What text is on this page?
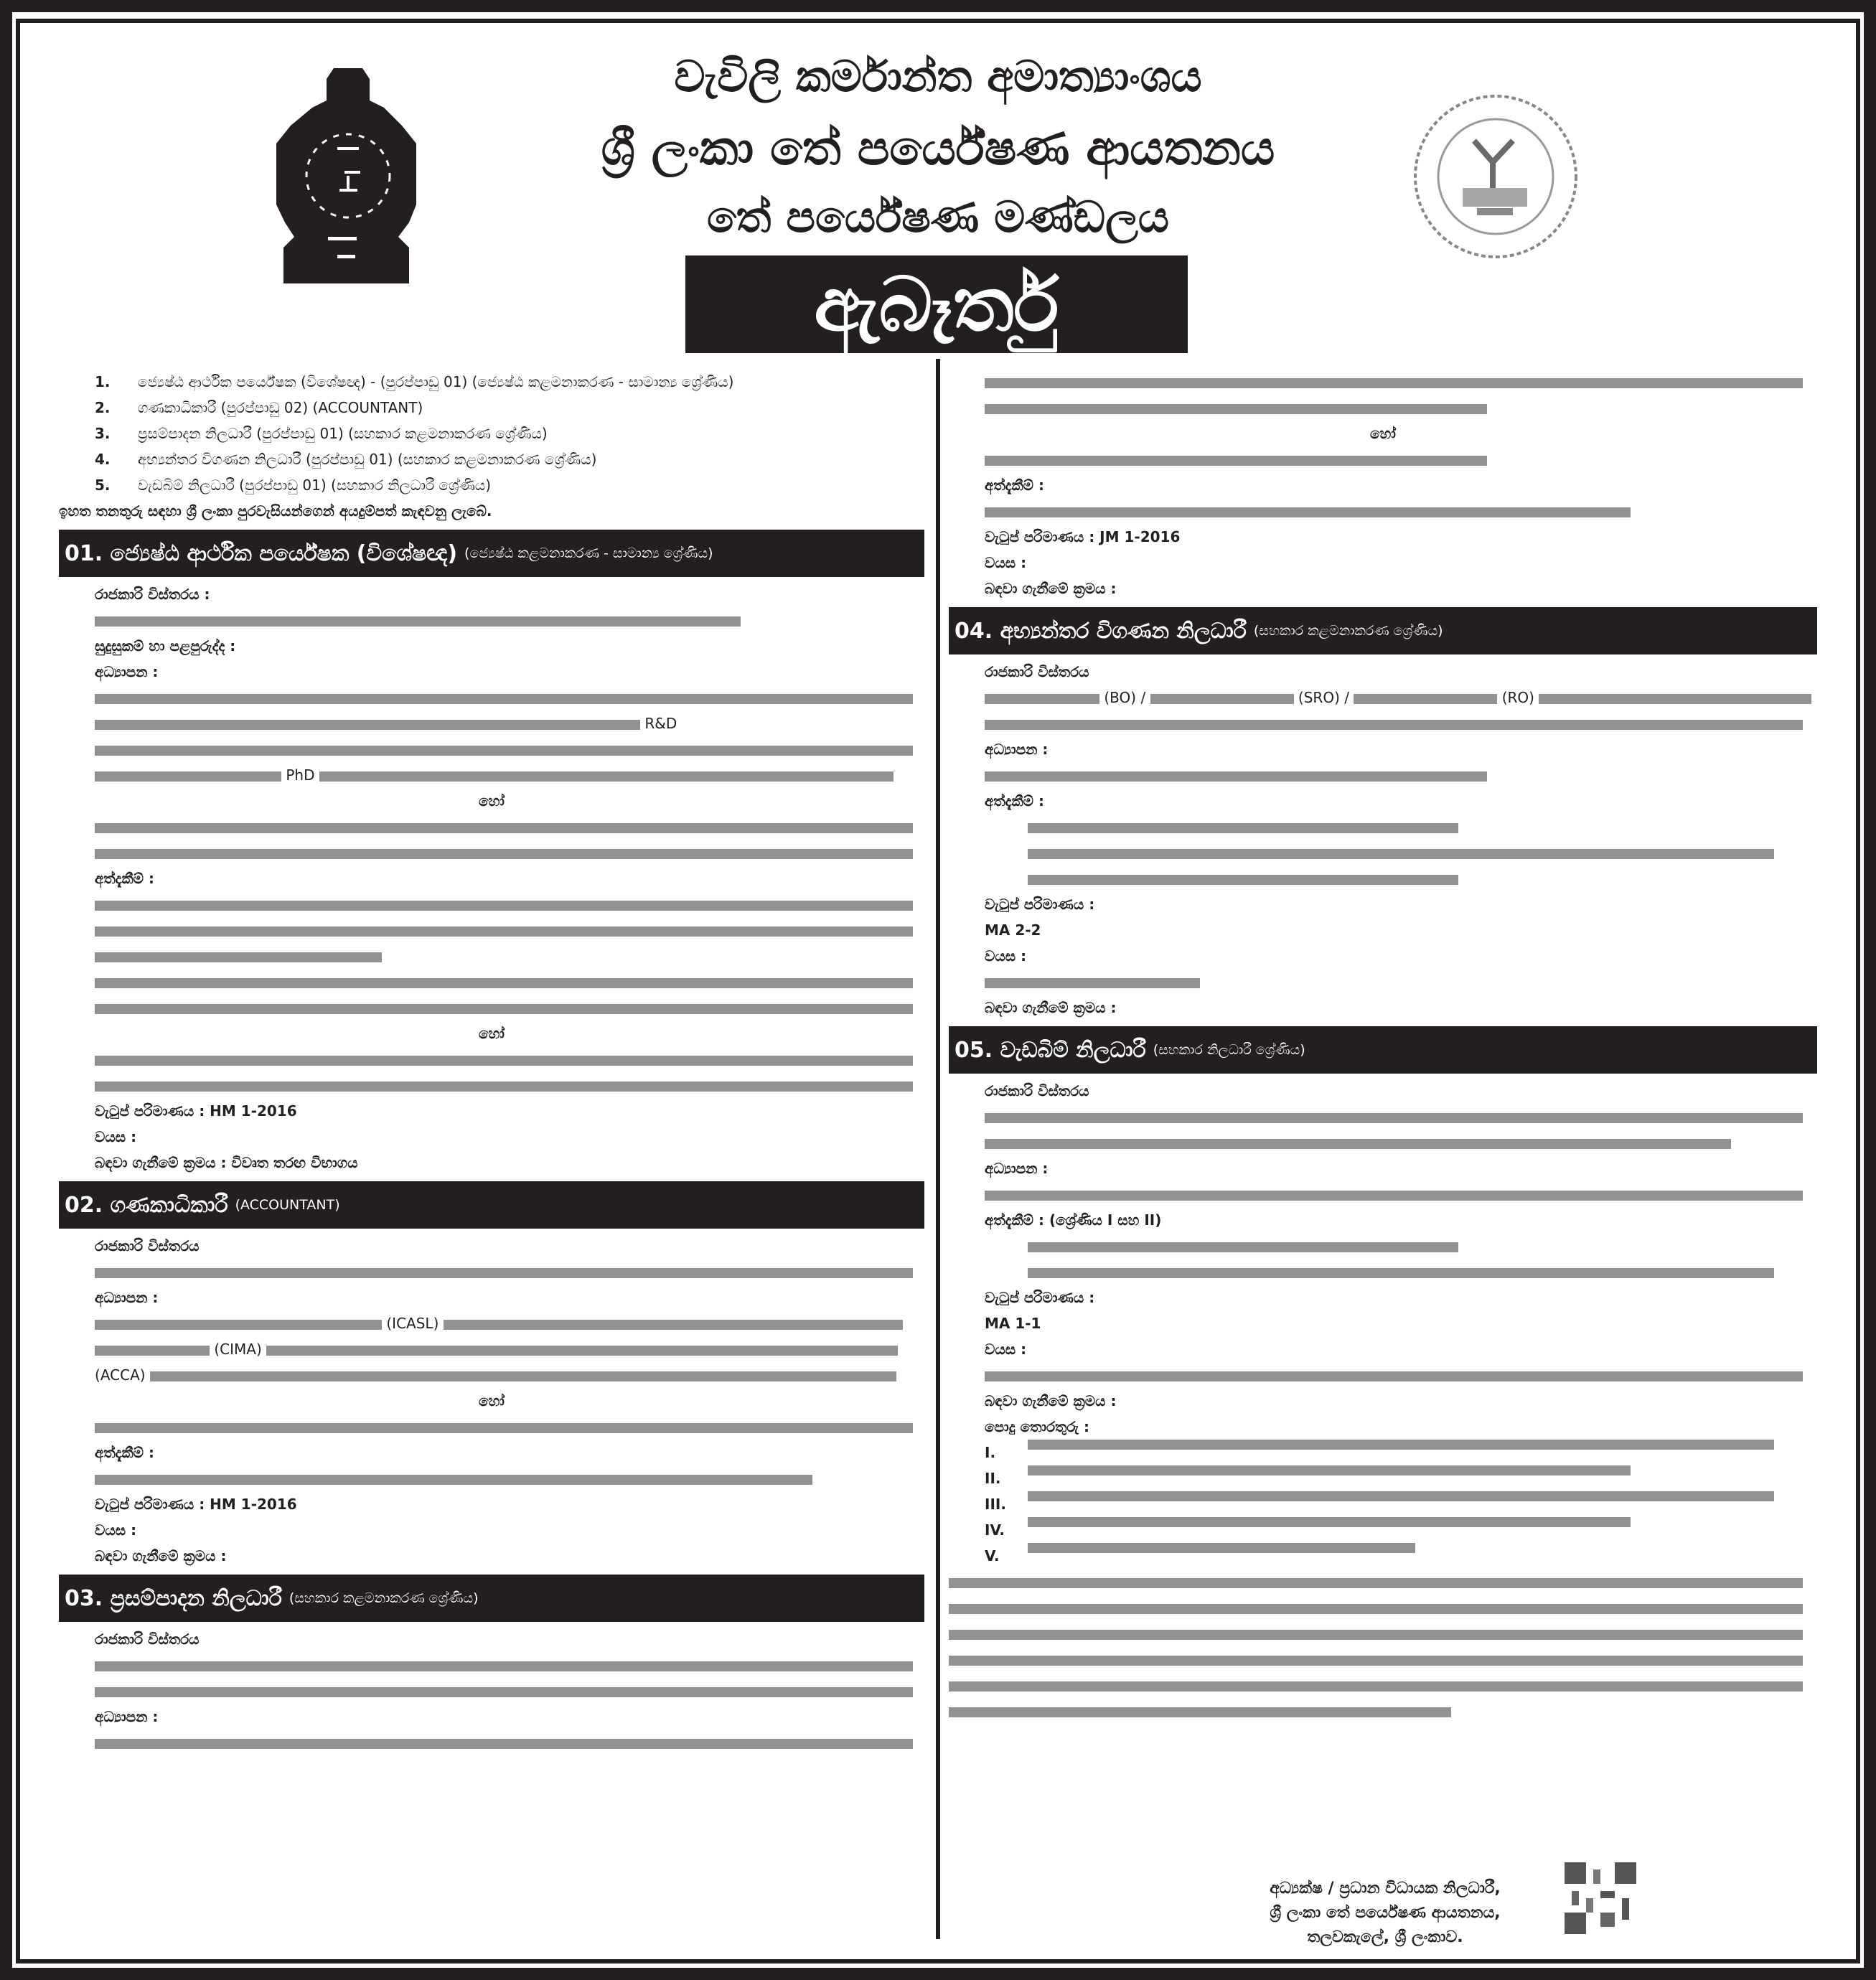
වැවිලි කර්මාන්ත අමාත්‍යාංශය
ශ්‍රී ලංකා තේ පර්යේෂණ ආයතනය
තේ පර්යේෂණ මණ්ඩලය
ඇබෑර්තු
1.	ජ්‍යෙෂ්ඨ ආර්ථික පර්යේෂක (විශේෂඥ) - (පුරප්පාඩු 01) (ජ්‍යෙෂ්ඨ කළමනාකරණ - සාමාන්‍ය ශ්‍රේණිය)
2.	ගණකාධිකාරී (පුරප්පාඩු 02) (ACCOUNTANT)
3.	ප්‍රසම්පාදන නිලධාරී (පුරප්පාඩු 01) (සහකාර කළමනාකරණ ශ්‍රේණිය)
4.	අභ්‍යන්තර විගණන නිලධාරී (පුරප්පාඩු 01) (සහකාර කළමනාකරණ ශ්‍රේණිය)
5.	වැඩබිම් නිලධාරී (පුරප්පාඩු 01) (සහකාර නිලධාරී ශ්‍රේණිය)
ඉහත තනතුරු සඳහා ශ්‍රී ලංකා පුරවැසියන්ගෙන් අයදුම්පත් කැඳවනු ලැබේ.
01.
ජ්‍යෙෂ්ඨ ආර්ථික පර්යේෂක (විශේෂඥ) (ජ්‍යෙෂ්ඨ කළමනාකරණ - සාමාන්‍ය ශ්‍රේණිය)
රාජකාරි විස්තරය :
සුදුසුකම් හා පළපුරුද්ද :
අධ්‍යාපන :
R&D
PhD
හෝ
අත්දැකීම් :
හෝ
වැටුප් පරිමාණය : HM 1-2016
වයස :
බඳවා ගැනීමේ ක්‍රමය : විවෘත තරඟ විභාගය
02.
ගණකාධිකාරී (ACCOUNTANT)
රාජකාරි විස්තරය
අධ්‍යාපන :
(ICASL)
(CIMA)
(ACCA)
හෝ
අත්දැකීම් :
වැටුප් පරිමාණය : HM 1-2016
වයස :
බඳවා ගැනීමේ ක්‍රමය :
03.
ප්‍රසම්පාදන නිලධාරී (සහකාර කළමනාකරණ ශ්‍රේණිය)
රාජකාරි විස්තරය
අධ්‍යාපන :
හෝ
අත්දැකීම් :
වැටුප් පරිමාණය : JM 1-2016
වයස :
බඳවා ගැනීමේ ක්‍රමය :
04.
අභ්‍යන්තර විගණන නිලධාරී (සහකාර කළමනාකරණ ශ්‍රේණිය)
රාජකාරි විස්තරය
(BO) /	(SRO) /	(RO)
අධ්‍යාපන :
අත්දැකීම් :
වැටුප් පරිමාණය :
MA 2-2
වයස :
බඳවා ගැනීමේ ක්‍රමය :
05.
වැඩබිම් නිලධාරී (සහකාර නිලධාරී ශ්‍රේණිය)
රාජකාරි විස්තරය
අධ්‍යාපන :
අත්දැකීම් : (ශ්‍රේණිය I සහ II)
වැටුප් පරිමාණය :
MA 1-1
වයස :
බඳවා ගැනීමේ ක්‍රමය :
පොදු තොරතුරු :
I.
II.
III.
IV.
V.
අධ්‍යක්ෂ / ප්‍රධාන විධායක නිලධාරී,
ශ්‍රී ලංකා තේ පර්යේෂණ ආයතනය,
තලවකැලේ, ශ්‍රී ලංකාව.
